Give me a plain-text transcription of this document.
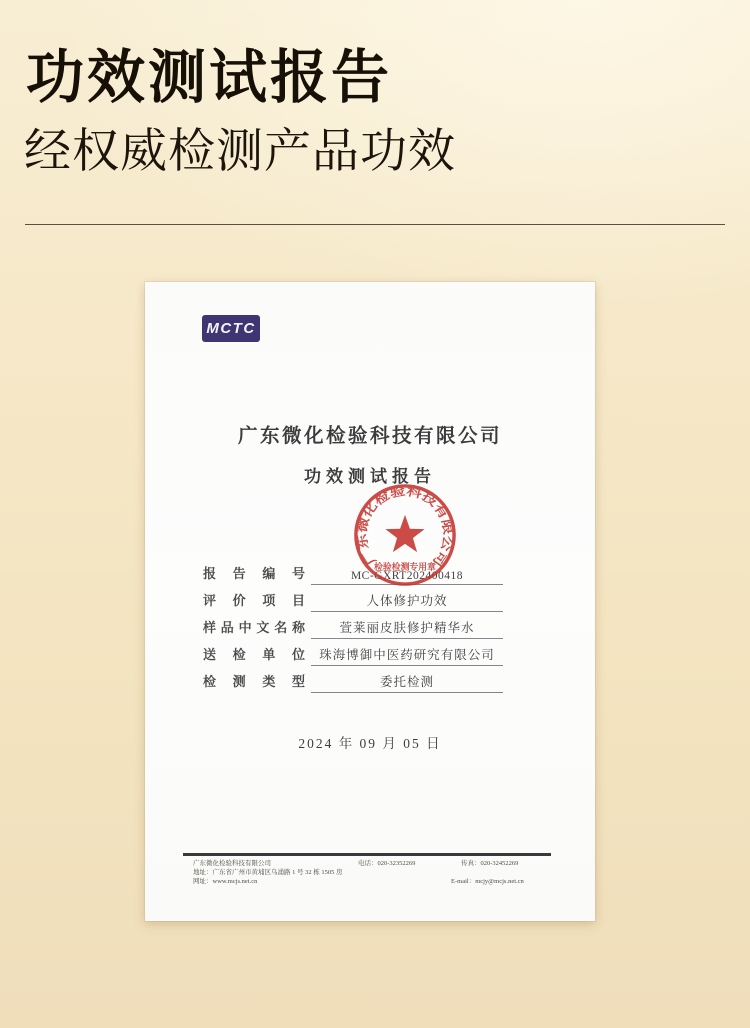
功效测试报告
经权威检测产品功效
MCTC
广东微化检验科技有限公司
功效测试报告
广东微化检验科技有限公司
检验检测专用章
报告编号	MC-GXRT202400418
评价项目	人体修护功效
样品中文名称	萱莱丽皮肤修护精华水
送检单位	珠海博御中医药研究有限公司
检测类型	委托检测
2024 年 09 月 05 日
广东微化检验科技有限公司	电话：020-32352269	传真：020-32452269
地址：广东省广州市黄埔区乌涌路 1 号 32 栋 1505 房
网址：www.mcjs.net.cn	E-mail：mcjy@mcjs.net.cn
